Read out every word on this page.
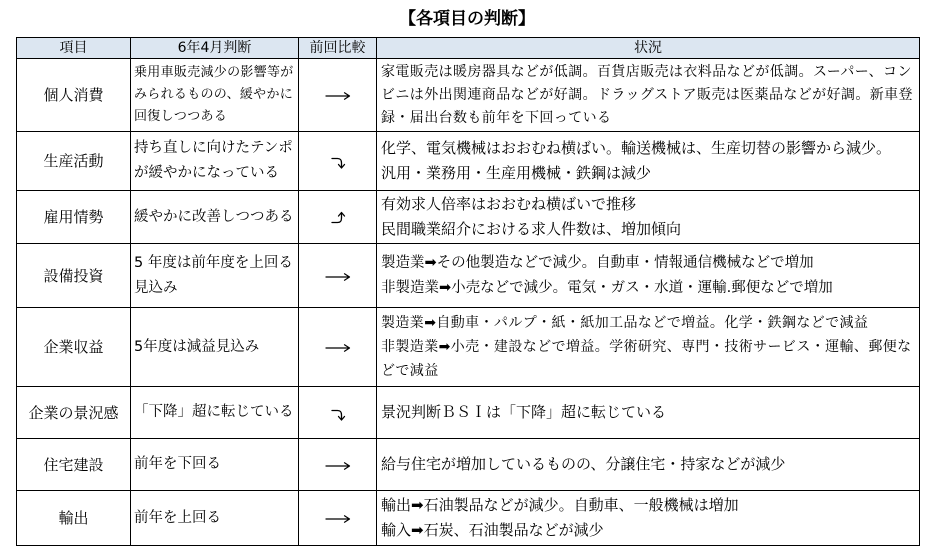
【各項目の判断】
項目	6年4月判断	前回比較	状況
個人消費	乗用車販売減少の影響等がみられるものの、緩やかに回復しつつある		家電販売は暖房器具などが低調。百貨店販売は衣料品などが低調。スーパー、コンビニは外出関連商品などが好調。ドラッグストア販売は医薬品などが好調。新車登録・届出台数も前年を下回っている

生産活動	持ち直しに向けたテンポが緩やかになっている		化学、電気機械はおおむね横ばい。輸送機械は、生産切替の影響から減少。
汎用・業務用・生産用機械・鉄鋼は減少

雇用情勢	緩やかに改善しつつある		有効求人倍率はおおむね横ばいで推移
民間職業紹介における求人件数は、増加傾向

設備投資	5 年度は前年度を上回る見込み		製造業➡その他製造などで減少。自動車・情報通信機械などで増加
非製造業➡小売などで減少。電気・ガス・水道・運輸.郵便などで増加

企業収益	5年度は減益見込み		製造業➡自動車・パルプ・紙・紙加工品などで増益。化学・鉄鋼などで減益
非製造業➡小売・建設などで増益。学術研究、専門・技術サービス・運輸、郵便などで減益

企業の景況感	「下降」超に転じている		景況判断ＢＳＩは「下降」超に転じている

住宅建設	前年を下回る		給与住宅が増加しているものの、分譲住宅・持家などが減少

輸出	前年を上回る		輸出➡石油製品などが減少。自動車、一般機械は増加
輸入➡石炭、石油製品などが減少
